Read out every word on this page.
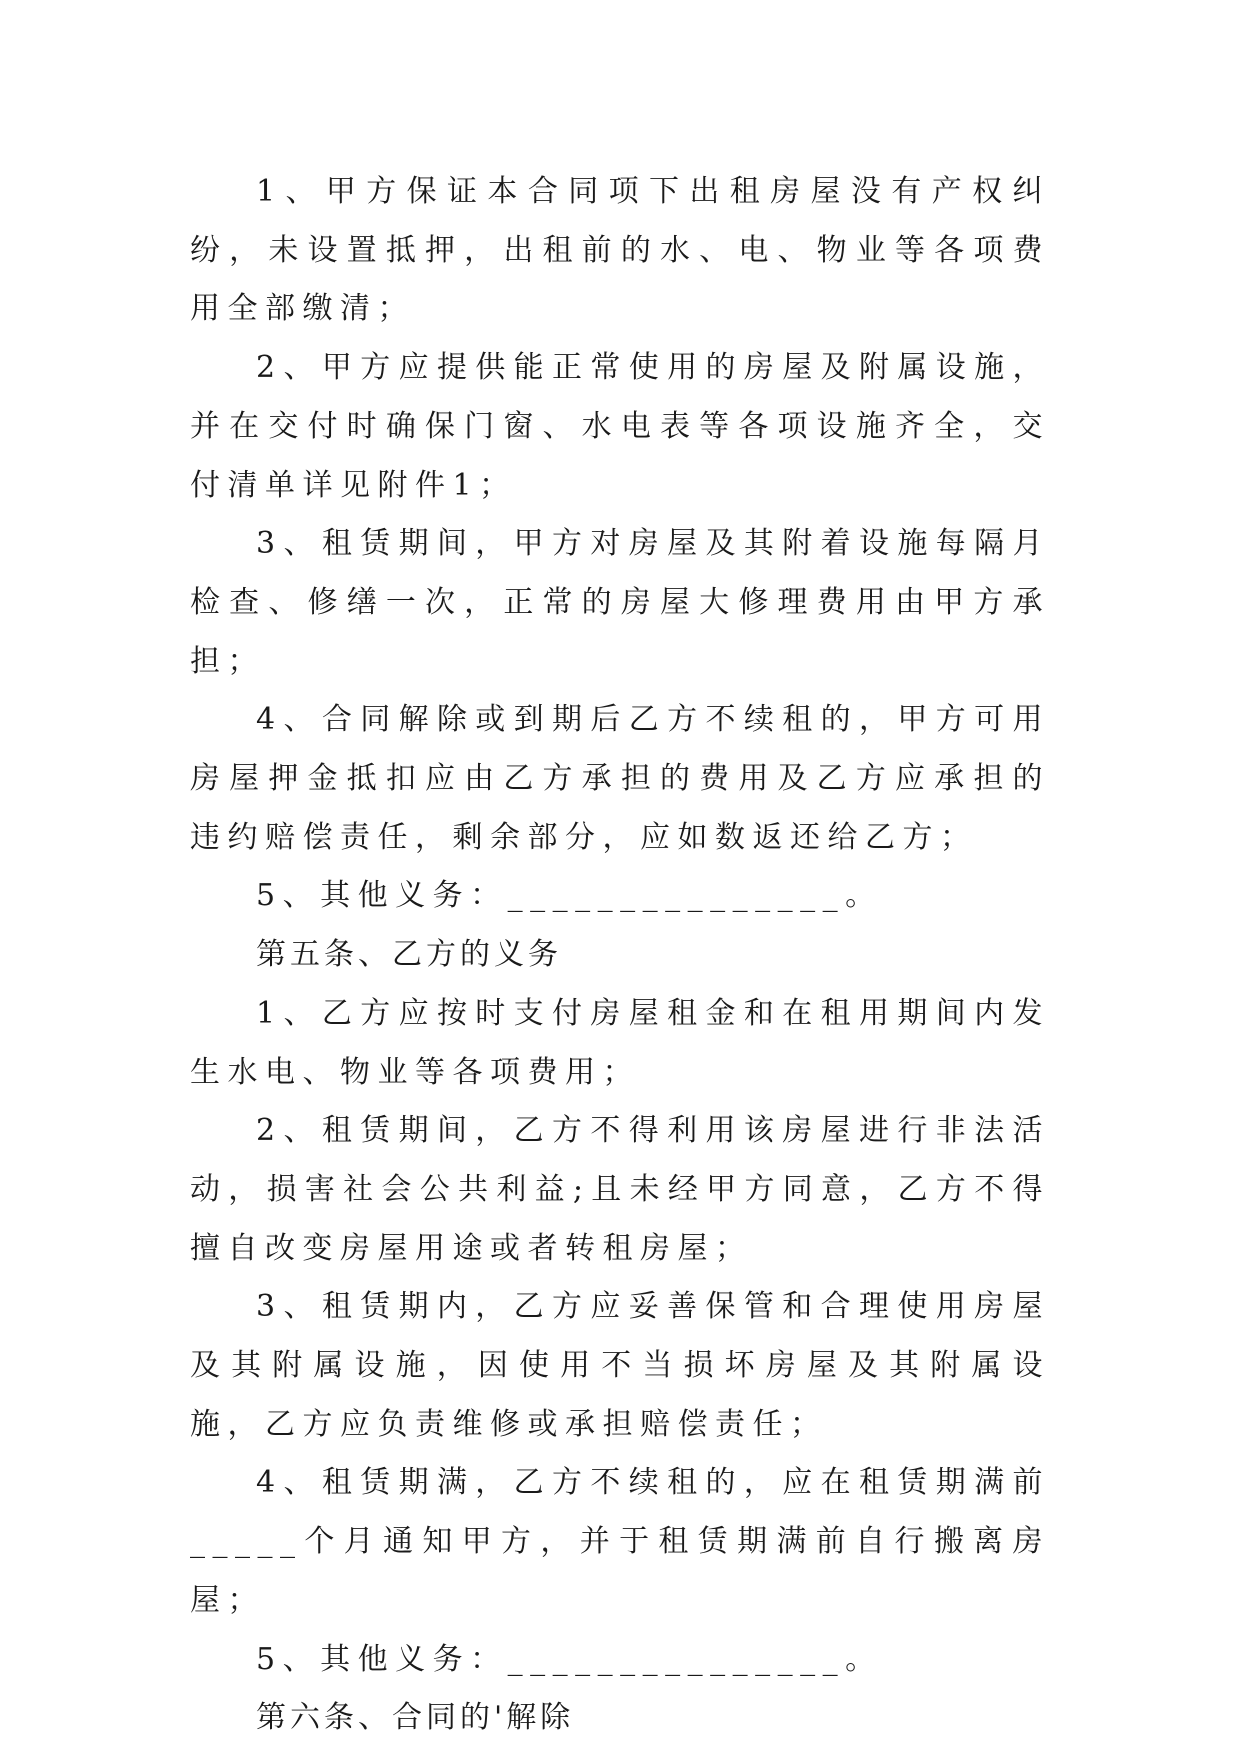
1、甲方保证本合同项下出租房屋没有产权纠纷，未设置抵押，出租前的水、电、物业等各项费用全部缴清；

2、甲方应提供能正常使用的房屋及附属设施，并在交付时确保门窗、水电表等各项设施齐全，交付清单详见附件1；

3、租赁期间，甲方对房屋及其附着设施每隔月检查、修缮一次，正常的房屋大修理费用由甲方承担；

4、合同解除或到期后乙方不续租的，甲方可用房屋押金抵扣应由乙方承担的费用及乙方应承担的违约赔偿责任，剩余部分，应如数返还给乙方；

5、其他义务：_______________。

第五条、乙方的义务

1、乙方应按时支付房屋租金和在租用期间内发生水电、物业等各项费用；

2、租赁期间，乙方不得利用该房屋进行非法活动，损害社会公共利益;且未经甲方同意，乙方不得擅自改变房屋用途或者转租房屋；

3、租赁期内，乙方应妥善保管和合理使用房屋及其附属设施，因使用不当损坏房屋及其附属设施，乙方应负责维修或承担赔偿责任；

4、租赁期满，乙方不续租的，应在租赁期满前_____个月通知甲方，并于租赁期满前自行搬离房屋；

5、其他义务：_______________。

第六条、合同的'解除
